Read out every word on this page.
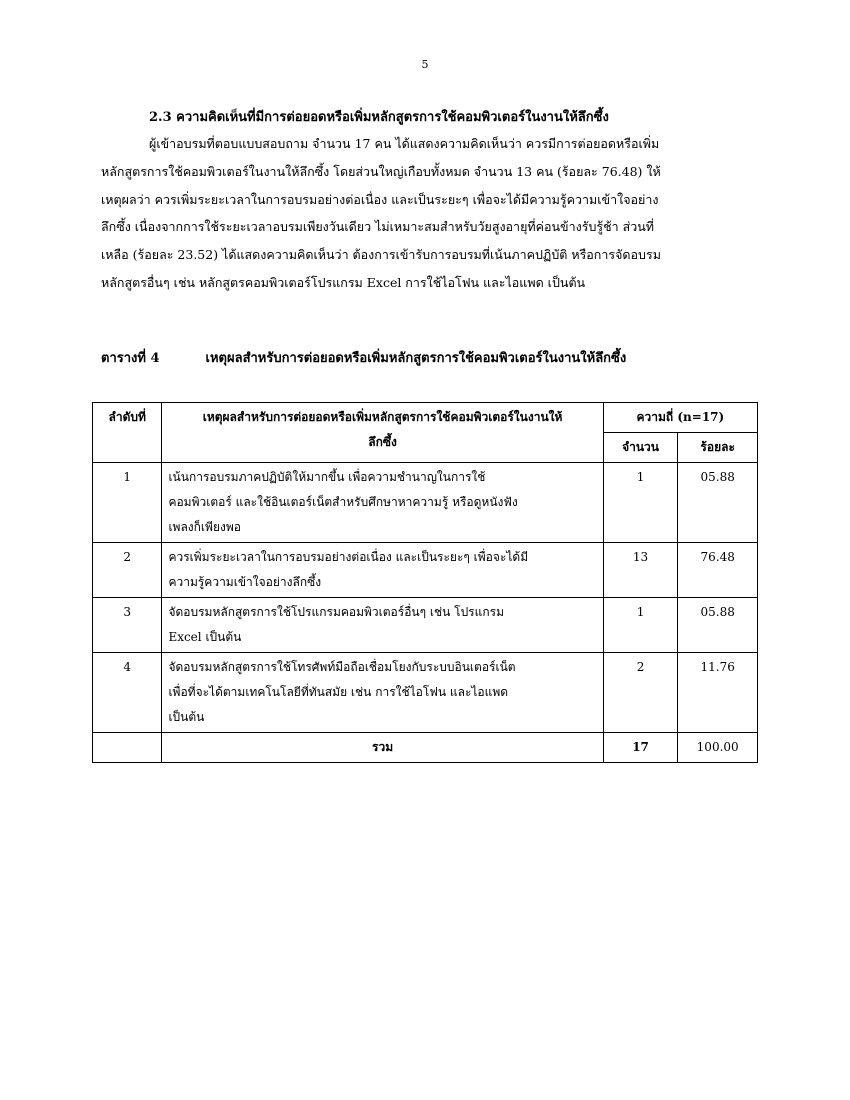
5
2.3 ความคิดเห็นที่มีการต่อยอดหรือเพิ่มหลักสูตรการใช้คอมพิวเตอร์ในงานให้ลึกซึ้ง
ผู้เข้าอบรมที่ตอบแบบสอบถาม จำนวน 17 คน ได้แสดงความคิดเห็นว่า ควรมีการต่อยอดหรือเพิ่ม
หลักสูตรการใช้คอมพิวเตอร์ในงานให้ลึกซึ้ง โดยส่วนใหญ่เกือบทั้งหมด จำนวน 13 คน (ร้อยละ 76.48) ให้
เหตุผลว่า ควรเพิ่มระยะเวลาในการอบรมอย่างต่อเนื่อง และเป็นระยะๆ เพื่อจะได้มีความรู้ความเข้าใจอย่าง
ลึกซึ้ง เนื่องจากการใช้ระยะเวลาอบรมเพียงวันเดียว ไม่เหมาะสมสำหรับวัยสูงอายุที่ค่อนข้างรับรู้ช้า ส่วนที่
เหลือ (ร้อยละ 23.52) ได้แสดงความคิดเห็นว่า ต้องการเข้ารับการอบรมที่เน้นภาคปฏิบัติ หรือการจัดอบรม
หลักสูตรอื่นๆ เช่น หลักสูตรคอมพิวเตอร์โปรแกรม Excel การใช้ไอโฟน และไอแพด เป็นต้น
ตารางที่ 4	เหตุผลสำหรับการต่อยอดหรือเพิ่มหลักสูตรการใช้คอมพิวเตอร์ในงานให้ลึกซึ้ง
ลำดับที่	เหตุผลสำหรับการต่อยอดหรือเพิ่มหลักสูตรการใช้คอมพิวเตอร์ในงานให้
ลึกซึ้ง	ความถี่ (n=17)	
		จำนวน	ร้อยละ
1	เน้นการอบรมภาคปฏิบัติให้มากขึ้น เพื่อความชำนาญในการใช้
คอมพิวเตอร์ และใช้อินเตอร์เน็ตสำหรับศึกษาหาความรู้ หรือดูหนังฟัง
เพลงก็เพียงพอ	1	05.88
2	ควรเพิ่มระยะเวลาในการอบรมอย่างต่อเนื่อง และเป็นระยะๆ เพื่อจะได้มี
ความรู้ความเข้าใจอย่างลึกซึ้ง	13	76.48
3	จัดอบรมหลักสูตรการใช้โปรแกรมคอมพิวเตอร์อื่นๆ เช่น โปรแกรม
Excel เป็นต้น	1	05.88
4	จัดอบรมหลักสูตรการใช้โทรศัพท์มือถือเชื่อมโยงกับระบบอินเตอร์เน็ต
เพื่อที่จะได้ตามเทคโนโลยีที่ทันสมัย เช่น การใช้ไอโฟน และไอแพด
เป็นต้น	2	11.76
	รวม	17	100.00
